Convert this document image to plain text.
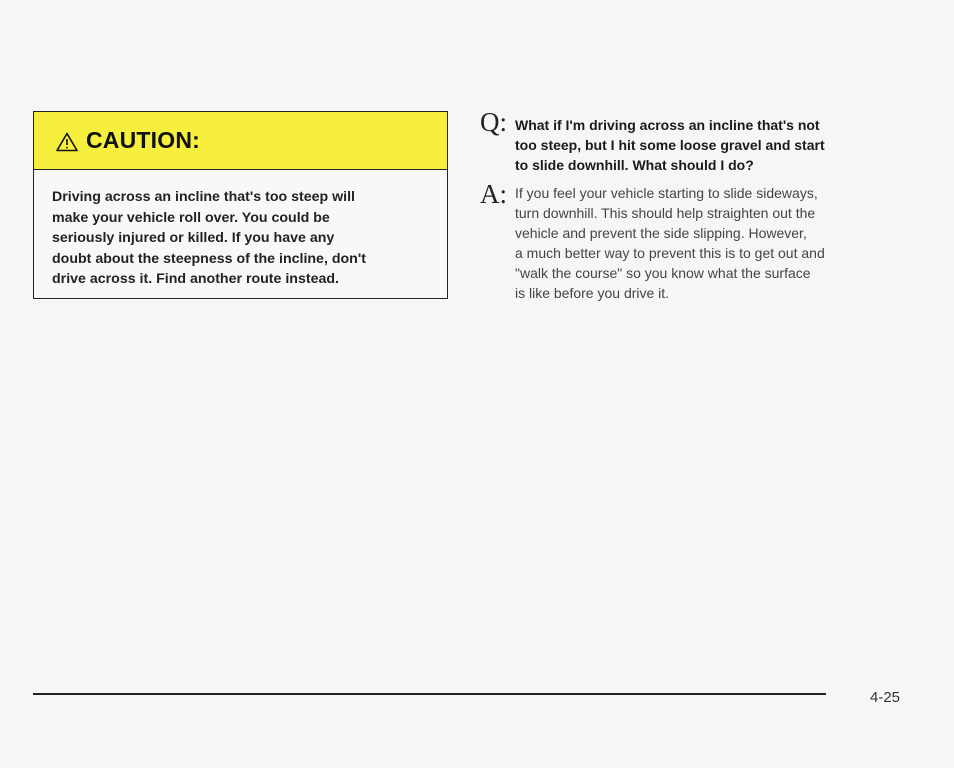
CAUTION:
Driving across an incline that's too steep will
make your vehicle roll over. You could be
seriously injured or killed. If you have any
doubt about the steepness of the incline, don't
drive across it. Find another route instead.
Q: What if I'm driving across an incline that's not
too steep, but I hit some loose gravel and start
to slide downhill. What should I do?
A: If you feel your vehicle starting to slide sideways,
turn downhill. This should help straighten out the
vehicle and prevent the side slipping. However,
a much better way to prevent this is to get out and
"walk the course" so you know what the surface
is like before you drive it.
4-25
